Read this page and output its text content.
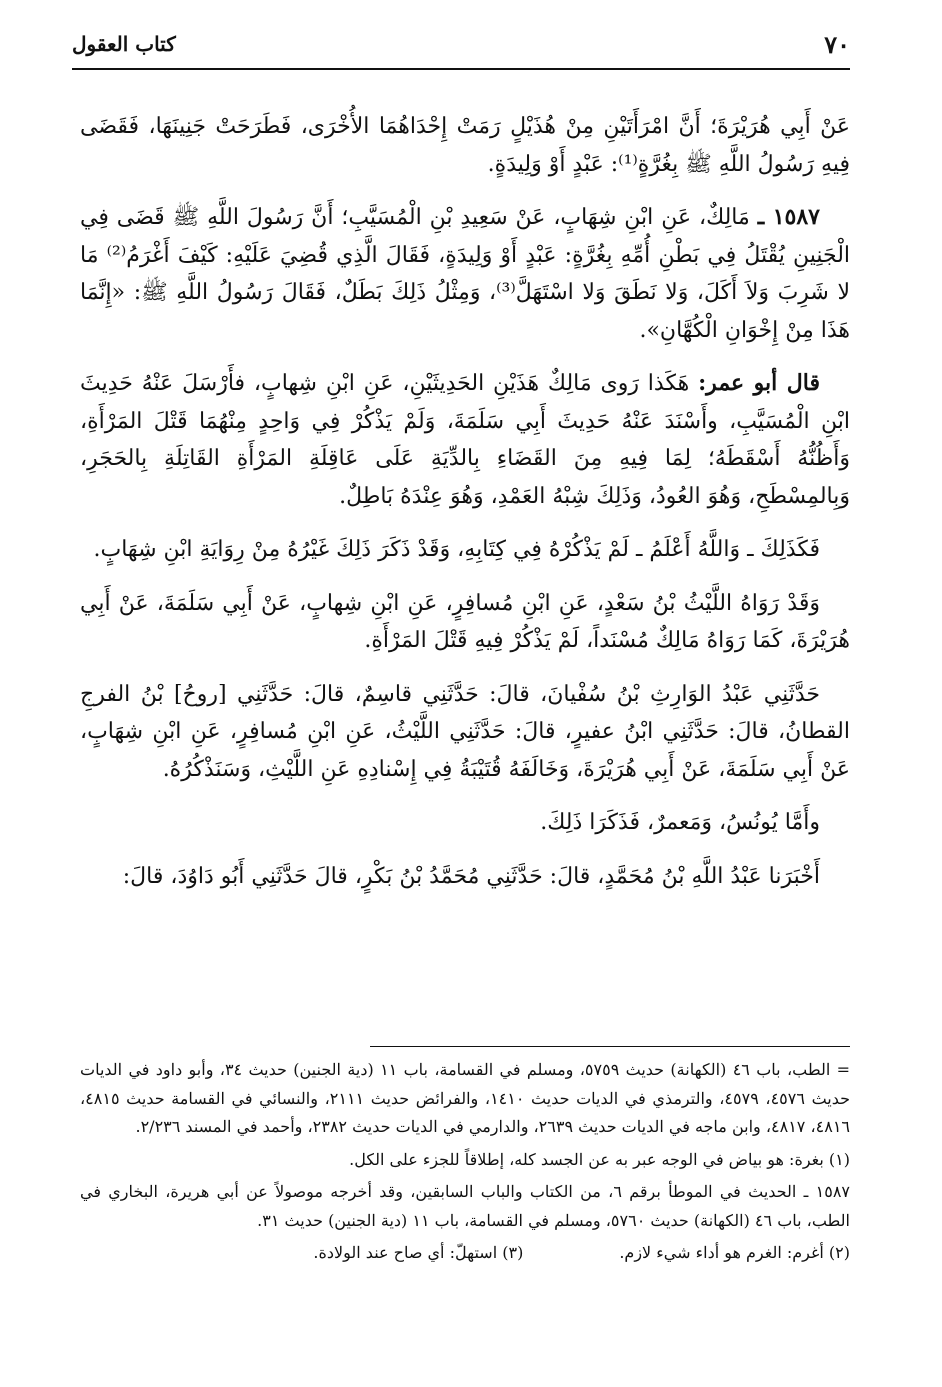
٧٠
كتاب العقول

عَنْ أَبِي هُرَيْرَةَ؛ أَنَّ امْرَأَتَيْنِ مِنْ هُذَيْلٍ رَمَتْ إِحْدَاهُمَا الأُخْرَى، فَطَرَحَتْ جَنِينَهَا، فَقَضَى فِيهِ رَسُولُ اللَّهِ ﷺ بِغُرَّةٍ⁽¹⁾: عَبْدٍ أَوْ وَلِيدَةٍ.

١٥٨٧ ـ مَالِكٌ، عَنِ ابْنِ شِهَابٍ، عَنْ سَعِيدِ بْنِ الْمُسَيَّبِ؛ أَنَّ رَسُولَ اللَّهِ ﷺ قَضَى فِي الْجَنِينِ يُقْتَلُ فِي بَطْنِ أُمِّهِ بِغُرَّةٍ: عَبْدٍ أَوْ وَلِيدَةٍ، فَقَالَ الَّذِي قُضِيَ عَلَيْهِ: كَيْفَ أَغْرَمُ⁽²⁾ مَا لا شَرِبَ وَلاَ أَكَلَ، وَلا نَطَقَ وَلا اسْتَهَلَّ⁽³⁾، وَمِثْلُ ذَلِكَ بَطَلٌ، فَقَالَ رَسُولُ اللَّهِ ﷺ: «إِنَّمَا هَذَا مِنْ إِخْوَانِ الْكُهَّانِ».

قال أبو عمر: هَكَذا رَوى مَالِكٌ هَذَيْنِ الحَدِيثَيْنِ، عَنِ ابْنِ شِهابٍ، فأَرْسَلَ عَنْهُ حَدِيثَ ابْنِ الْمُسَيَّبِ، وأَسْنَدَ عَنْهُ حَدِيثَ أَبِي سَلَمَةَ، وَلَمْ يَذْكُرْ فِي وَاحِدٍ مِنْهُمَا قَتْلَ المَرْأَةِ، وَأَظُنُّهُ أَسْقَطَهُ؛ لِمَا فِيهِ مِنَ القَضَاءِ بِالدِّيَةِ عَلَى عَاقِلَةِ المَرْأَةِ القَاتِلَةِ بِالحَجَرِ، وَبِالمِسْطَحِ، وَهُوَ العُودُ، وَذَلِكَ شِبْهُ العَمْدِ، وَهُوَ عِنْدَهُ بَاطِلٌ.

فَكَذَلِكَ ـ وَاللَّهُ أَعْلَمُ ـ لَمْ يَذْكُرْهُ فِي كِتَابِهِ، وَقَدْ ذَكَرَ ذَلِكَ غَيْرُهُ مِنْ رِوَايَةِ ابْنِ شِهَابٍ.

وَقَدْ رَوَاهُ اللَّيْثُ بْنُ سَعْدٍ، عَنِ ابْنِ مُسافِرٍ، عَنِ ابْنِ شِهابٍ، عَنْ أَبِي سَلَمَةَ، عَنْ أَبِي هُرَيْرَةَ، كَمَا رَوَاهُ مَالِكٌ مُسْنَداً، لَمْ يَذْكُرْ فِيهِ قَتْلَ المَرْأَةِ.

حَدَّثَنِي عَبْدُ الوَارِثِ بْنُ سُفْيانَ، قالَ: حَدَّثَنِي قاسِمٌ، قالَ: حَدَّثَنِي [روحُ] بْنُ الفرجِ القطانُ، قالَ: حَدَّثَنِي ابْنُ عفيرٍ، قالَ: حَدَّثَنِي اللَّيْثُ، عَنِ ابْنِ مُسافِرٍ، عَنِ ابْنِ شِهَابٍ، عَنْ أَبِي سَلَمَةَ، عَنْ أَبِي هُرَيْرَةَ، وَخَالَفَهُ قُتَيْبَةُ فِي إِسْنادِهِ عَنِ اللَّيْثِ، وَسَنَذْكُرُهُ.

وأَمَّا يُونُسُ، وَمَعمرٌ، فَذَكَرَا ذَلِكَ.

أَخْبَرَنا عَبْدُ اللَّهِ بْنُ مُحَمَّدٍ، قالَ: حَدَّثَنِي مُحَمَّدُ بْنُ بَكْرٍ، قالَ حَدَّثَنِي أَبُو دَاوُدَ، قالَ:

= الطب، باب ٤٦ (الكهانة) حديث ٥٧٥٩، ومسلم في القسامة، باب ١١ (دية الجنين) حديث ٣٤، وأبو داود في الديات حديث ٤٥٧٦، ٤٥٧٩، والترمذي في الديات حديث ١٤١٠، والفرائض حديث ٢١١١، والنسائي في القسامة حديث ٤٨١٥، ٤٨١٦، ٤٨١٧، وابن ماجه في الديات حديث ٢٦٣٩، والدارمي في الديات حديث ٢٣٨٢، وأحمد في المسند ٢/٢٣٦.

(١) بغرة: هو بياض في الوجه عبر به عن الجسد كله، إطلاقاً للجزء على الكل.

١٥٨٧ ـ الحديث في الموطأ برقم ٦، من الكتاب والباب السابقين، وقد أخرجه موصولاً عن أبي هريرة، البخاري في الطب، باب ٤٦ (الكهانة) حديث ٥٧٦٠، ومسلم في القسامة، باب ١١ (دية الجنين) حديث ٣١.

(٢) أغرم: الغرم هو أداء شيء لازم.
(٣) استهلّ: أي صاح عند الولادة.
